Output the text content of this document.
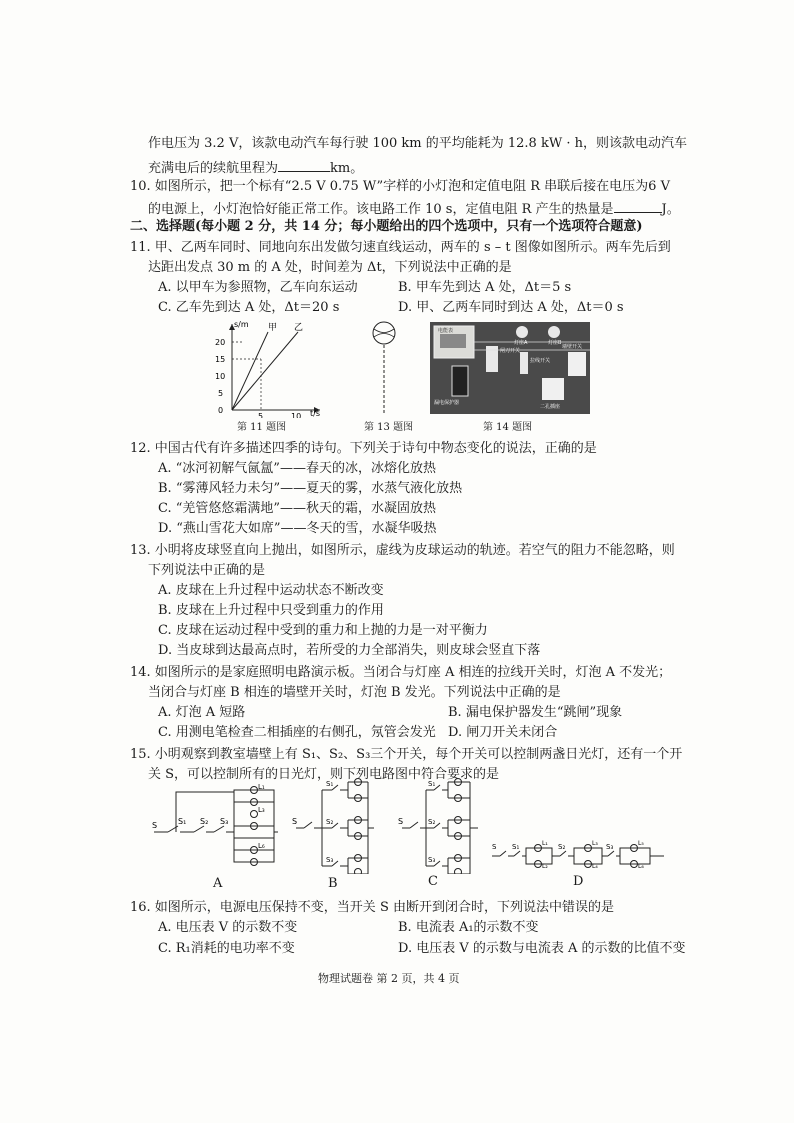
作电压为 3.2 V，该款电动汽车每行驶 100 km 的平均能耗为 12.8 kW · h，则该款电动汽车
充满电后的续航里程为	km。
10. 如图所示，把一个标有“2.5 V 0.75 W”字样的小灯泡和定值电阻 R 串联后接在电压为6 V
的电源上，小灯泡恰好能正常工作。该电路工作 10 s，定值电阻 R 产生的热量是	J。
二、选择题(每小题 2 分，共 14 分；每小题给出的四个选项中，只有一个选项符合题意)
11. 甲、乙两车同时、同地向东出发做匀速直线运动，两车的 s – t 图像如图所示。两车先后到
达距出发点 30 m 的 A 处，时间差为 Δt，下列说法中正确的是
A. 以甲车为参照物，乙车向东运动	B. 甲车先到达 A 处，Δt＝5 s
C. 乙车先到达 A 处，Δt＝20 s	D. 甲、乙两车同时到达 A 处，Δt＝0 s
s/m
t/s
0
5
10
15
20
5	10
甲 乙
第 11 题图	第 13 题图
电能表
闸刀开关
漏电保护器
灯座A	灯座B
拉线开关
墙壁开关
二孔插座
第 14 题图
12. 中国古代有许多描述四季的诗句。下列关于诗句中物态变化的说法，正确的是
A. “冰河初解气氤氲”——春天的冰，冰熔化放热
B. “雾薄风轻力未匀”——夏天的雾，水蒸气液化放热
C. “羌管悠悠霜满地”——秋天的霜，水凝固放热
D. “燕山雪花大如席”——冬天的雪，水凝华吸热
13. 小明将皮球竖直向上抛出，如图所示，虚线为皮球运动的轨迹。若空气的阻力不能忽略，则
下列说法中正确的是
A. 皮球在上升过程中运动状态不断改变
B. 皮球在上升过程中只受到重力的作用
C. 皮球在运动过程中受到的重力和上抛的力是一对平衡力
D. 当皮球到达最高点时，若所受的力全部消失，则皮球会竖直下落
14. 如图所示的是家庭照明电路演示板。当闭合与灯座 A 相连的拉线开关时，灯泡 A 不发光；
当闭合与灯座 B 相连的墙壁开关时，灯泡 B 发光。下列说法中正确的是
A. 灯泡 A 短路	B. 漏电保护器发生“跳闸”现象
C. 用测电笔检查二相插座的右侧孔，氖管会发光 D. 闸刀开关未闭合
15. 小明观察到教室墙壁上有 S₁、S₂、S₃三个开关，每个开关可以控制两盏日光灯，还有一个开
关 S，可以控制所有的日光灯，则下列电路图中符合要求的是
S	S₁ S₂ S₃
L₁
L₃
L₆
A
S
S₁
S₂
S₃
B
S
S₁
S₂
S₃
C
S S₁	S₂	S₃
L₁
L₂
L₃
L₄
L₅
L₆
D
16. 如图所示，电源电压保持不变，当开关 S 由断开到闭合时，下列说法中错误的是
A. 电压表 V 的示数不变	B. 电流表 A₁的示数不变
C. R₁消耗的电功率不变	D. 电压表 V 的示数与电流表 A 的示数的比值不变
物理试题卷 第 2 页，共 4 页
